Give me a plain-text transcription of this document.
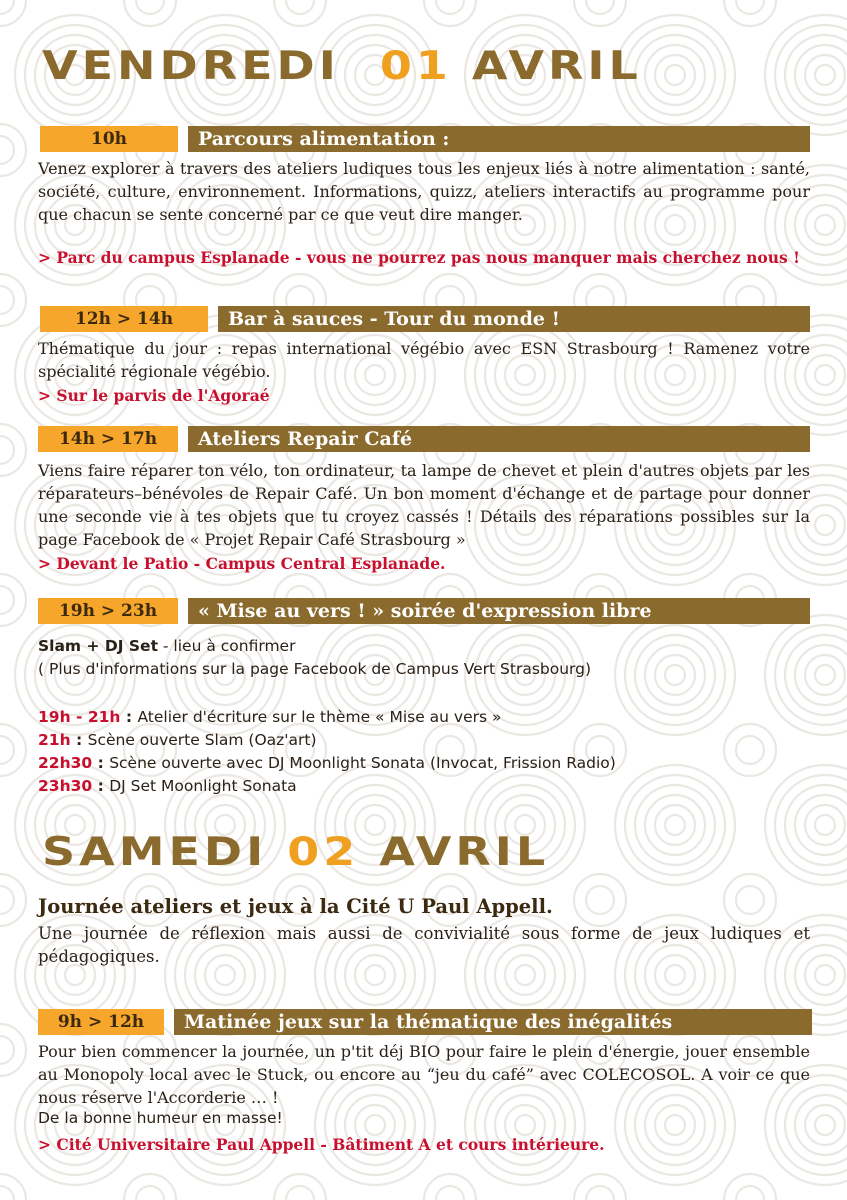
VENDREDI 01 AVRIL
10h	Parcours alimentation :

Venez explorer à travers des ateliers ludiques tous les enjeux liés à notre alimentation : santé, société, culture, environnement. Informations, quizz, ateliers interactifs au programme pour que chacun se sente concerné par ce que veut dire manger.

> Parc du campus Esplanade - vous ne pourrez pas nous manquer mais cherchez nous !

12h > 14h	Bar à sauces - Tour du monde !

Thématique du jour : repas international végébio avec ESN Strasbourg ! Ramenez votre spécialité régionale végébio.

> Sur le parvis de l'Agoraé

14h > 17h	Ateliers Repair Café

Viens faire réparer ton vélo, ton ordinateur, ta lampe de chevet et plein d'autres objets par les réparateurs–bénévoles de Repair Café. Un bon moment d'échange et de partage pour donner une seconde vie à tes objets que tu croyez cassés ! Détails des réparations possibles sur la page Facebook de « Projet Repair Café Strasbourg »

> Devant le Patio - Campus Central Esplanade.

19h > 23h	« Mise au vers ! » soirée d'expression libre

Slam + DJ Set - lieu à confirmer

( Plus d'informations sur la page Facebook de Campus Vert Strasbourg)

19h - 21h : Atelier d'écriture sur le thème « Mise au vers »
21h : Scène ouverte Slam (Oaz'art)
22h30 : Scène ouverte avec DJ Moonlight Sonata (Invocat, Frission Radio)
23h30 : DJ Set Moonlight Sonata
SAMEDI 02 AVRIL
Journée ateliers et jeux à la Cité U Paul Appell.

Une journée de réflexion mais aussi de convivialité sous forme de jeux ludiques et pédagogiques.

9h > 12h	Matinée jeux sur la thématique des inégalités

Pour bien commencer la journée, un p'tit déj BIO pour faire le plein d'énergie, jouer ensemble au Monopoly local avec le Stuck, ou encore au “jeu du café” avec COLECOSOL. A voir ce que nous réserve l'Accorderie … !

De la bonne humeur en masse!

> Cité Universitaire Paul Appell - Bâtiment A et cours intérieure.
